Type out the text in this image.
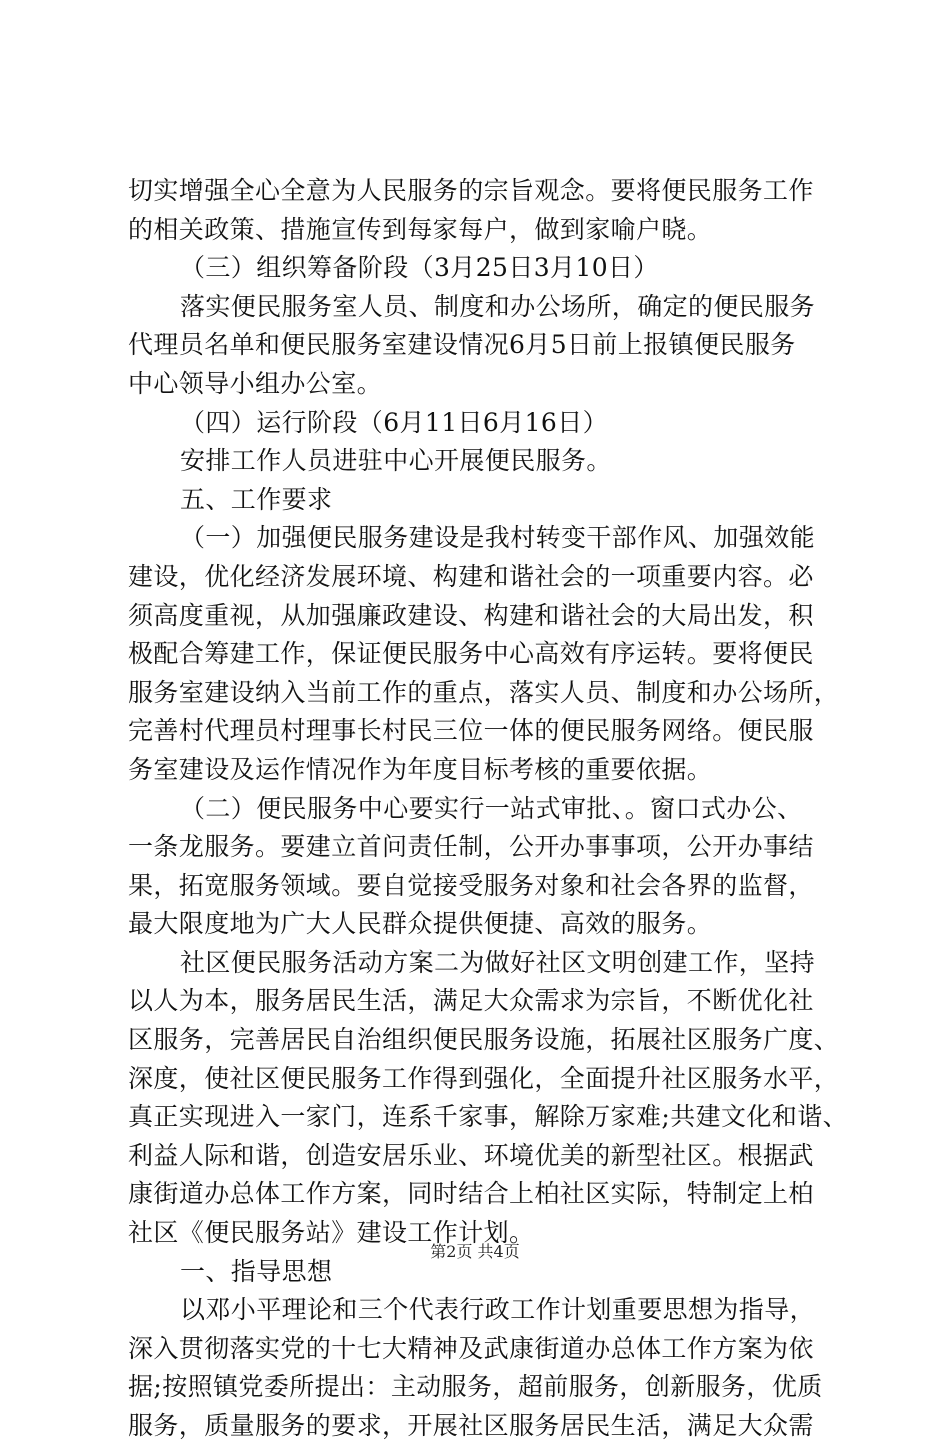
切实增强全心全意为人民服务的宗旨观念。要将便民服务工作
的相关政策、措施宣传到每家每户，做到家喻户晓。
（三）组织筹备阶段（3月25日3月10日）
落实便民服务室人员、制度和办公场所，确定的便民服务
代理员名单和便民服务室建设情况6月5日前上报镇便民服务
中心领导小组办公室。
（四）运行阶段（6月11日6月16日）
安排工作人员进驻中心开展便民服务。
五、工作要求
（一）加强便民服务建设是我村转变干部作风、加强效能
建设，优化经济发展环境、构建和谐社会的一项重要内容。必
须高度重视，从加强廉政建设、构建和谐社会的大局出发，积
极配合筹建工作，保证便民服务中心高效有序运转。要将便民
服务室建设纳入当前工作的重点，落实人员、制度和办公场所，
完善村代理员村理事长村民三位一体的便民服务网络。便民服
务室建设及运作情况作为年度目标考核的重要依据。
（二）便民服务中心要实行一站式审批、。窗口式办公、
一条龙服务。要建立首问责任制，公开办事事项，公开办事结
果，拓宽服务领域。要自觉接受服务对象和社会各界的监督，
最大限度地为广大人民群众提供便捷、高效的服务。
社区便民服务活动方案二为做好社区文明创建工作，坚持
以人为本，服务居民生活，满足大众需求为宗旨，不断优化社
区服务，完善居民自治组织便民服务设施，拓展社区服务广度、
深度，使社区便民服务工作得到强化，全面提升社区服务水平，
真正实现进入一家门，连系千家事，解除万家难;共建文化和谐、
利益人际和谐，创造安居乐业、环境优美的新型社区。根据武
康街道办总体工作方案，同时结合上柏社区实际，特制定上柏
社区《便民服务站》建设工作计划。
一、指导思想
以邓小平理论和三个代表行政工作计划重要思想为指导，
深入贯彻落实党的十七大精神及武康街道办总体工作方案为依
据;按照镇党委所提出：主动服务，超前服务，创新服务，优质
服务，质量服务的要求，开展社区服务居民生活，满足大众需
第2页 共4页
